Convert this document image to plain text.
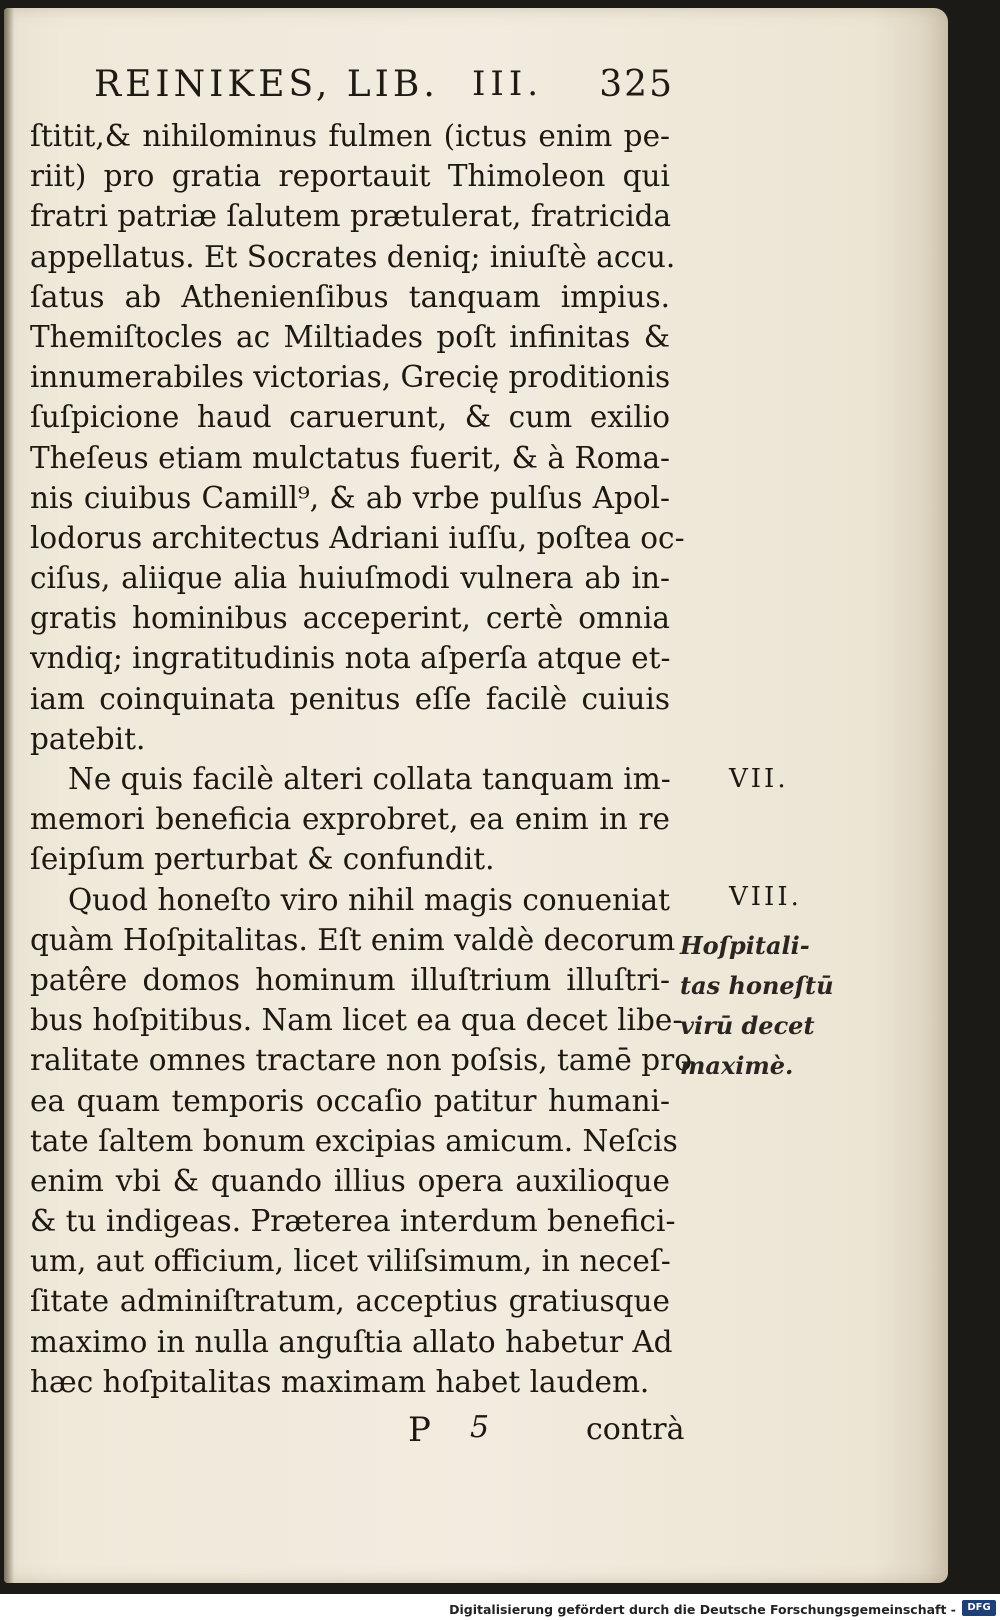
REINIKES, LIB. III. 325
ſtitit,& nihilominus fulmen (ictus enim pe-
riit) pro gratia reportauit Thimoleon qui
fratri patriæ ſalutem prætulerat, fratricida
appellatus. Et Socrates deniq; iniuſtè accu.
ſatus ab Athenienſibus tanquam impius.
Themiſtocles ac Miltiades poſt infinitas &
innumerabiles victorias, Grecię proditionis
ſuſpicione haud caruerunt, & cum exilio
Theſeus etiam mulctatus fuerit, & à Roma-
nis ciuibus Camill⁹, & ab vrbe pulſus Apol-
lodorus architectus Adriani iuſſu, poſtea oc-
ciſus, aliique alia huiuſmodi vulnera ab in-
gratis hominibus acceperint, certè omnia
vndiq; ingratitudinis nota aſperſa atque et-
iam coinquinata penitus eſſe facilè cuiuis
patebit.
Ne quis facilè alteri collata tanquam im-
memori beneficia exprobret, ea enim in re
ſeipſum perturbat & confundit.
Quod honeſto viro nihil magis conueniat
quàm Hoſpitalitas. Eſt enim valdè decorum
patêre domos hominum illuſtrium illuſtri-
bus hoſpitibus. Nam licet ea qua decet libe-
ralitate omnes tractare non poſsis, tamē pro
ea quam temporis occaſio patitur humani-
tate ſaltem bonum excipias amicum. Neſcis
enim vbi & quando illius opera auxilioque
& tu indigeas. Præterea interdum benefici-
um, aut officium, licet viliſsimum, in neceſ-
ſitate adminiſtratum, acceptius gratiusque
maximo in nulla anguſtia allato habetur Ad
hæc hoſpitalitas maximam habet laudem.
VII.
VIII.
Hoſpitali-
tas honeſtū
virū decet
maximè.
P 5	contrà
Digitalisierung gefördert durch die Deutsche Forschungsgemeinschaft -	DFG
